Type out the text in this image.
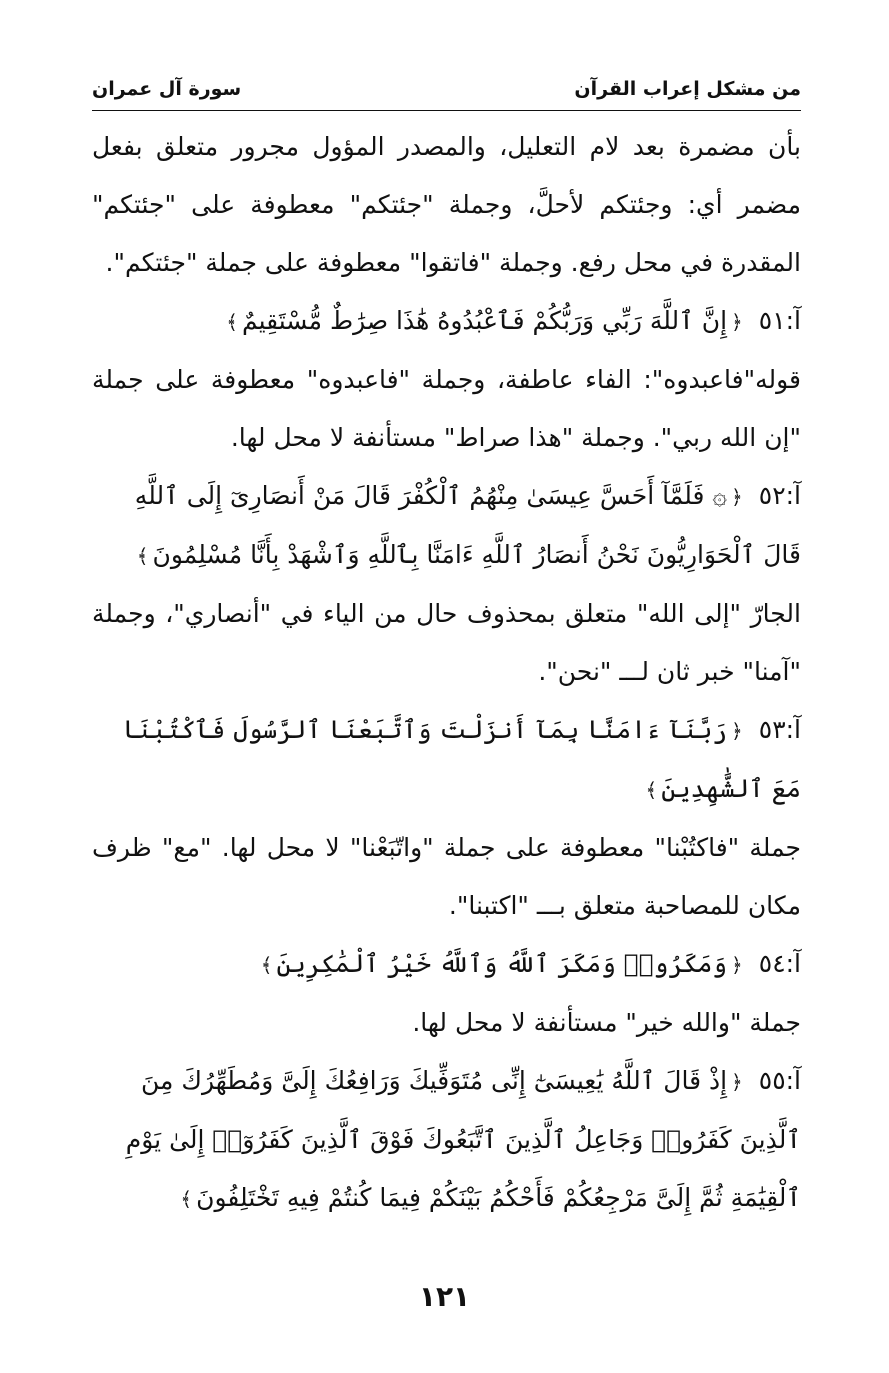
من مشكل إعراب القرآن
سورة آل عمران

بأن مضمرة بعد لام التعليل، والمصدر المؤول مجرور متعلق بفعل مضمر أي: وجئتكم لأحلَّ، وجملة "جئتكم" معطوفة على "جئتكم" المقدرة في محل رفع. وجملة "فاتقوا" معطوفة على جملة "جئتكم".

آ:٥١﴿إِنَّ ٱللَّهَ رَبِّي وَرَبُّكُمْ فَٱعْبُدُوهُ هَٰذَا صِرَٰطٌ مُّسْتَقِيمٌ﴾

قوله"فاعبدوه": الفاء عاطفة، وجملة "فاعبدوه" معطوفة على جملة "إن الله ربي". وجملة "هذا صراط" مستأنفة لا محل لها.

آ:٥٢﴿۞ فَلَمَّآ أَحَسَّ عِيسَىٰ مِنْهُمُ ٱلْكُفْرَ قَالَ مَنْ أَنصَارِىٓ إِلَى ٱللَّهِ قَالَ ٱلْحَوَارِيُّونَ نَحْنُ أَنصَارُ ٱللَّهِ ءَامَنَّا بِٱللَّهِ وَٱشْهَدْ بِأَنَّا مُسْلِمُونَ﴾

الجارّ "إلى الله" متعلق بمحذوف حال من الياء في "أنصاري"، وجملة "آمنا" خبر ثان لـــ "نحن".

آ:٥٣﴿رَبَّنَآ ءَامَنَّا بِمَآ أَنزَلْتَ وَٱتَّبَعْنَا ٱلرَّسُولَ فَٱكْتُبْنَا مَعَ ٱلشَّٰهِدِينَ﴾

جملة "فاكتُبْنا" معطوفة على جملة "واتّبَعْنا" لا محل لها. "مع" ظرف مكان للمصاحبة متعلق بـــ "اكتبنا".

آ:٥٤﴿وَمَكَرُوا۟ وَمَكَرَ ٱللَّهُ وَٱللَّهُ خَيْرُ ٱلْمَٰكِرِينَ﴾

جملة "والله خير" مستأنفة لا محل لها.

آ:٥٥﴿إِذْ قَالَ ٱللَّهُ يَٰعِيسَىٰٓ إِنِّى مُتَوَفِّيكَ وَرَافِعُكَ إِلَىَّ وَمُطَهِّرُكَ مِنَ ٱلَّذِينَ كَفَرُوا۟ وَجَاعِلُ ٱلَّذِينَ ٱتَّبَعُوكَ فَوْقَ ٱلَّذِينَ كَفَرُوٓا۟ إِلَىٰ يَوْمِ ٱلْقِيَٰمَةِ ثُمَّ إِلَىَّ مَرْجِعُكُمْ فَأَحْكُمُ بَيْنَكُمْ فِيمَا كُنتُمْ فِيهِ تَخْتَلِفُونَ﴾

١٢١
